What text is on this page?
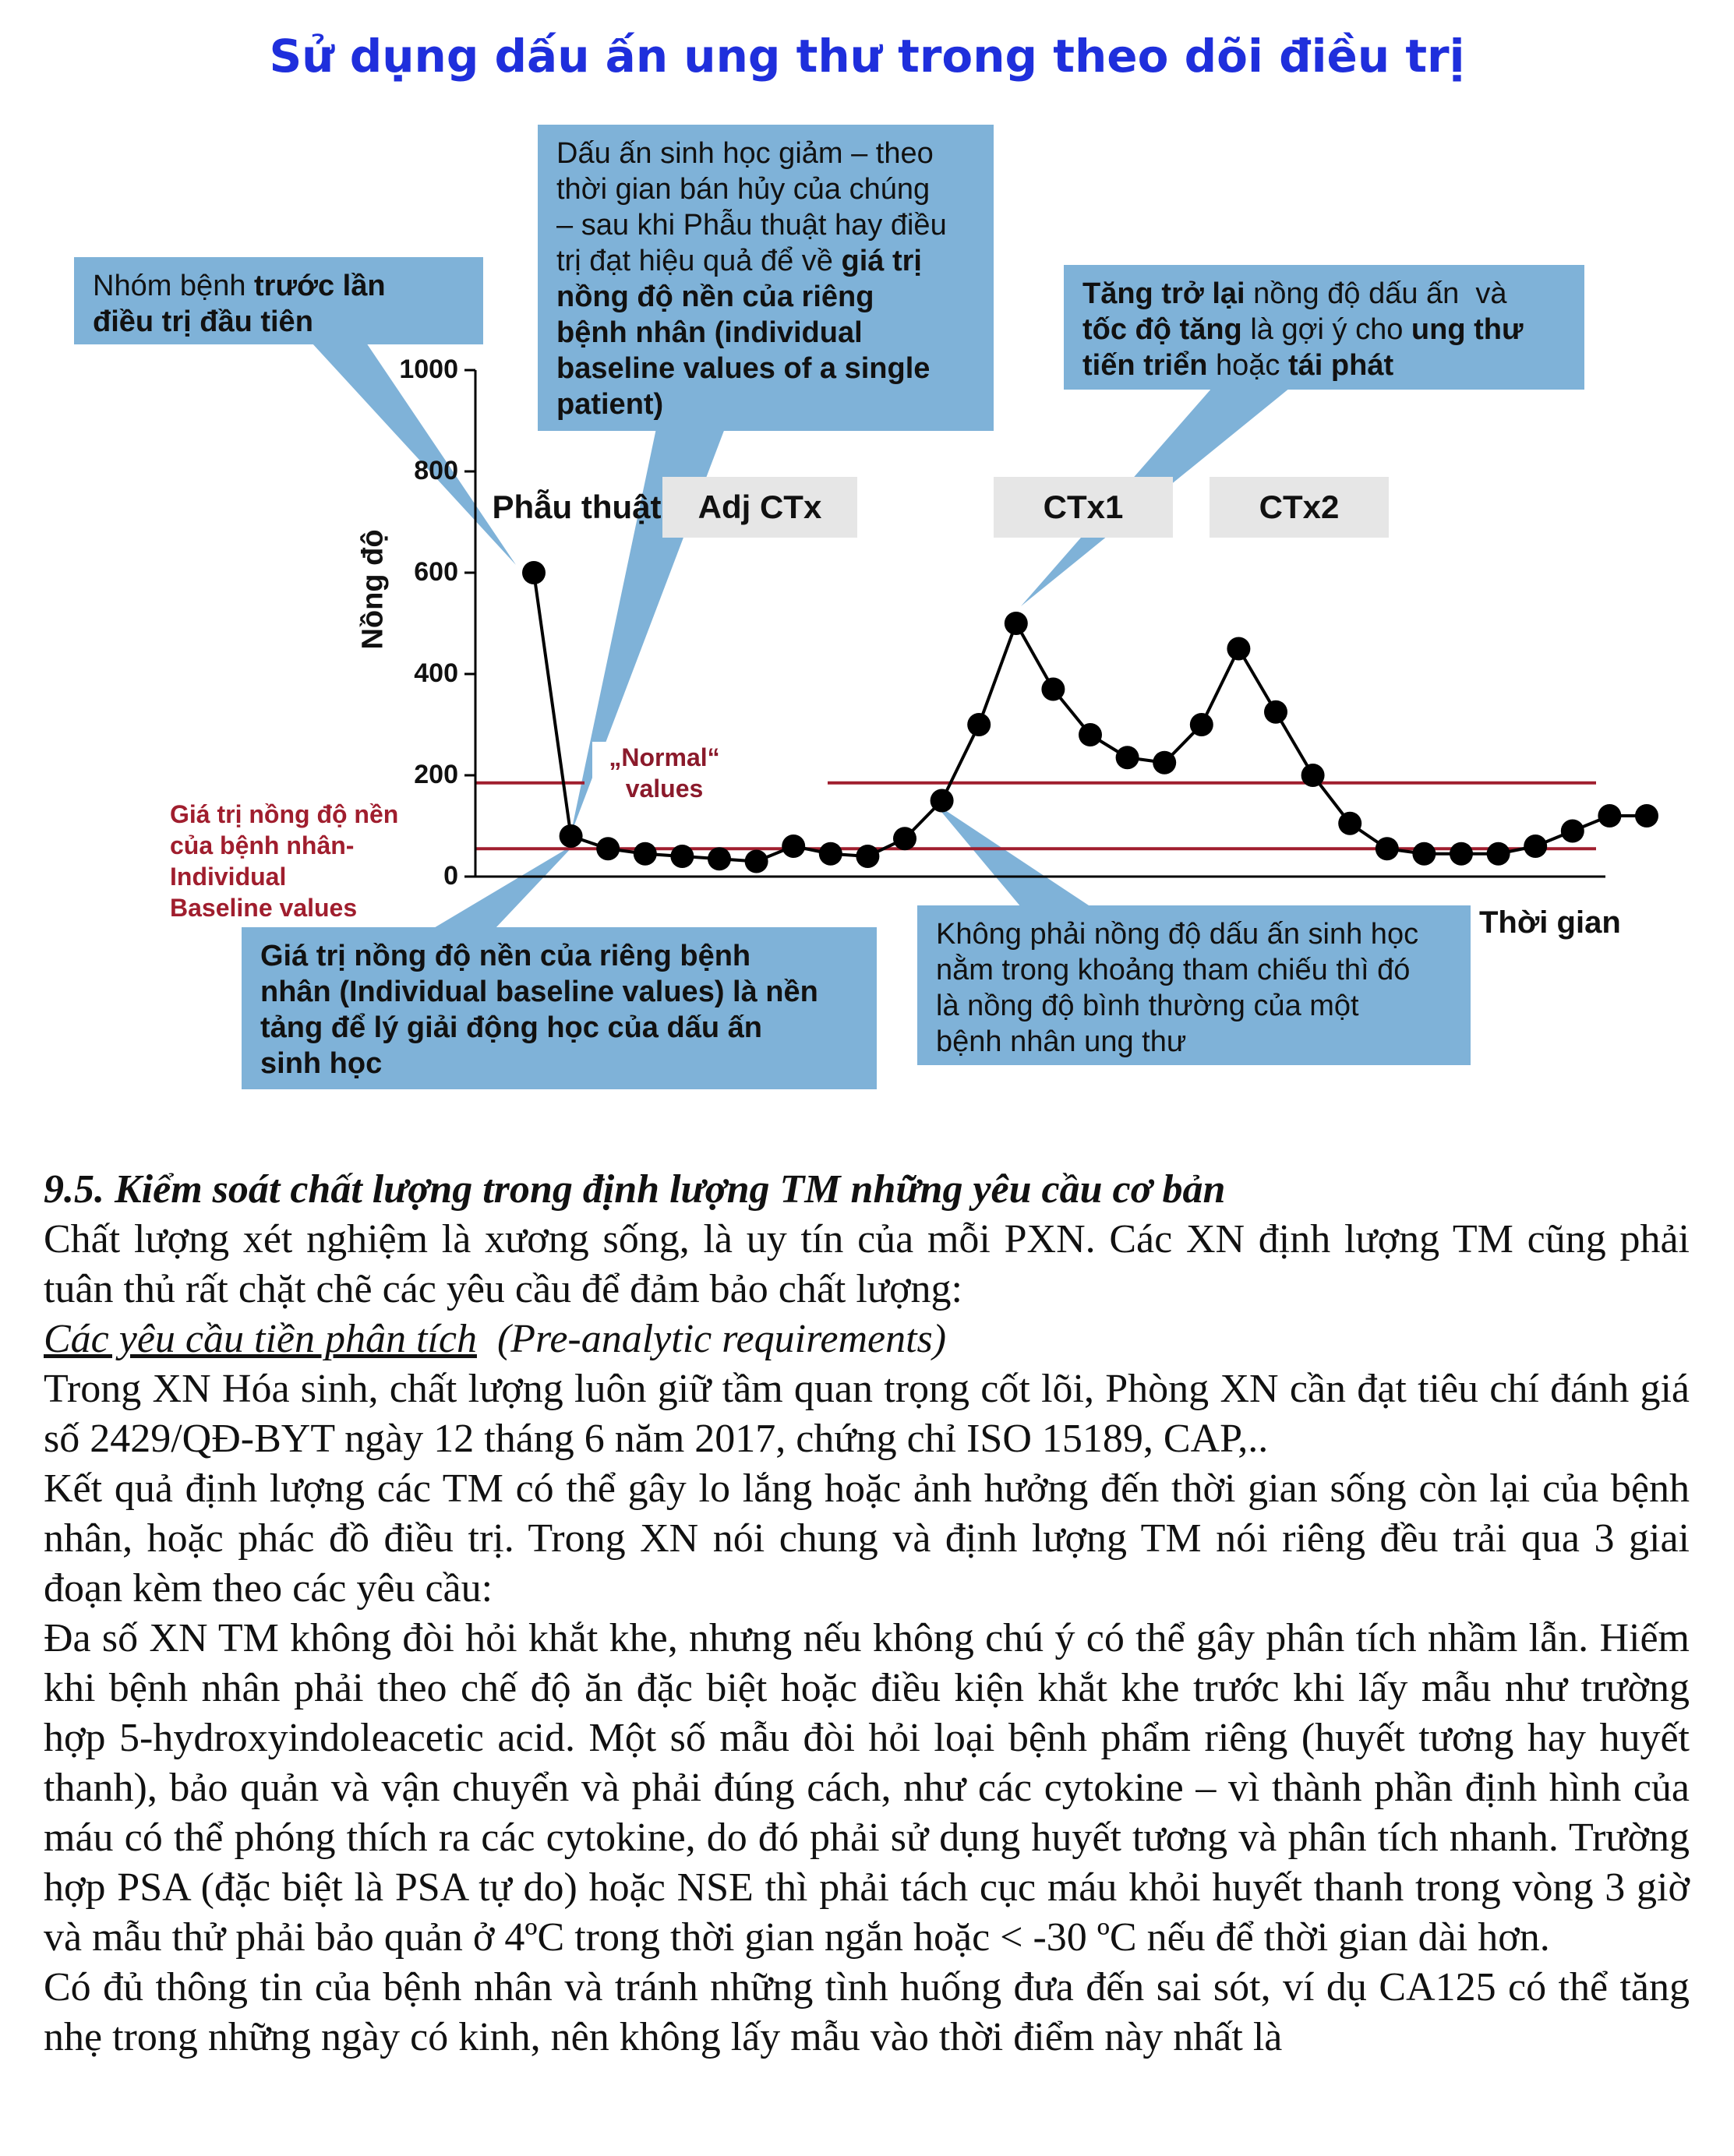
Sử dụng dấu ấn ung thư trong theo dõi điều trị

Nhóm bệnh trước lần

điều trị đầu tiên

Dấu ấn sinh học giảm – theo

thời gian bán hủy của chúng

– sau khi Phẫu thuật hay điều

trị đạt hiệu quả để về giá trị

nồng độ nền của riêng

bệnh nhân (individual

baseline values of a single

patient)

Tăng trở lại nồng độ dấu ấn  và

tốc độ tăng là gợi ý cho ung thư

tiến triển hoặc tái phát

Giá trị nồng độ nền của riêng bệnh

nhân (Individual baseline values) là nền

tảng để lý giải động học của dấu ấn

sinh học

Không phải nồng độ dấu ấn sinh học

nằm trong khoảng tham chiếu thì đó

là nồng độ bình thường của một

bệnh nhân ung thư

Phẫu thuật	Adj CTx	CTx1	CTx2
Nồng độ
Thời gian
0
200
400
600
800
1000
„Normal“
values
Giá trị nồng độ nền
của bệnh nhân-
Individual
Baseline values
9.5. Kiểm soát chất lượng trong định lượng TM những yêu cầu cơ bản

Chất lượng xét nghiệm là xương sống, là uy tín của mỗi PXN. Các XN định lượng TM cũng phải tuân thủ rất chặt chẽ các yêu cầu để đảm bảo chất lượng:

Các yêu cầu tiền phân tích  (Pre-analytic requirements)

Trong XN Hóa sinh, chất lượng luôn giữ tầm quan trọng cốt lõi, Phòng XN cần đạt tiêu chí đánh giá số 2429/QĐ-BYT ngày 12 tháng 6 năm 2017, chứng chỉ ISO 15189, CAP,..

Kết quả định lượng các TM có thể gây lo lắng hoặc ảnh hưởng đến thời gian sống còn lại của bệnh nhân, hoặc phác đồ điều trị. Trong XN nói chung và định lượng TM nói riêng đều trải qua 3 giai đoạn kèm theo các yêu cầu:

Đa số XN TM không đòi hỏi khắt khe, nhưng nếu không chú ý có thể gây phân tích nhầm lẫn. Hiếm khi bệnh nhân phải theo chế độ ăn đặc biệt hoặc điều kiện khắt khe trước khi lấy mẫu như trường hợp 5-hydroxyindoleacetic acid. Một số mẫu đòi hỏi loại bệnh phẩm riêng (huyết tương hay huyết thanh), bảo quản và vận chuyển và phải đúng cách, như các cytokine – vì thành phần định hình của máu có thể phóng thích ra các cytokine, do đó phải sử dụng huyết tương và phân tích nhanh. Trường hợp PSA (đặc biệt là PSA tự do) hoặc NSE thì phải tách cục máu khỏi huyết thanh trong vòng 3 giờ và mẫu thử phải bảo quản ở 4ºC trong thời gian ngắn hoặc < -30 ºC nếu để thời gian dài hơn.

Có đủ thông tin của bệnh nhân và tránh những tình huống đưa đến sai sót, ví dụ CA125 có thể tăng nhẹ trong những ngày có kinh, nên không lấy mẫu vào thời điểm này nhất là
